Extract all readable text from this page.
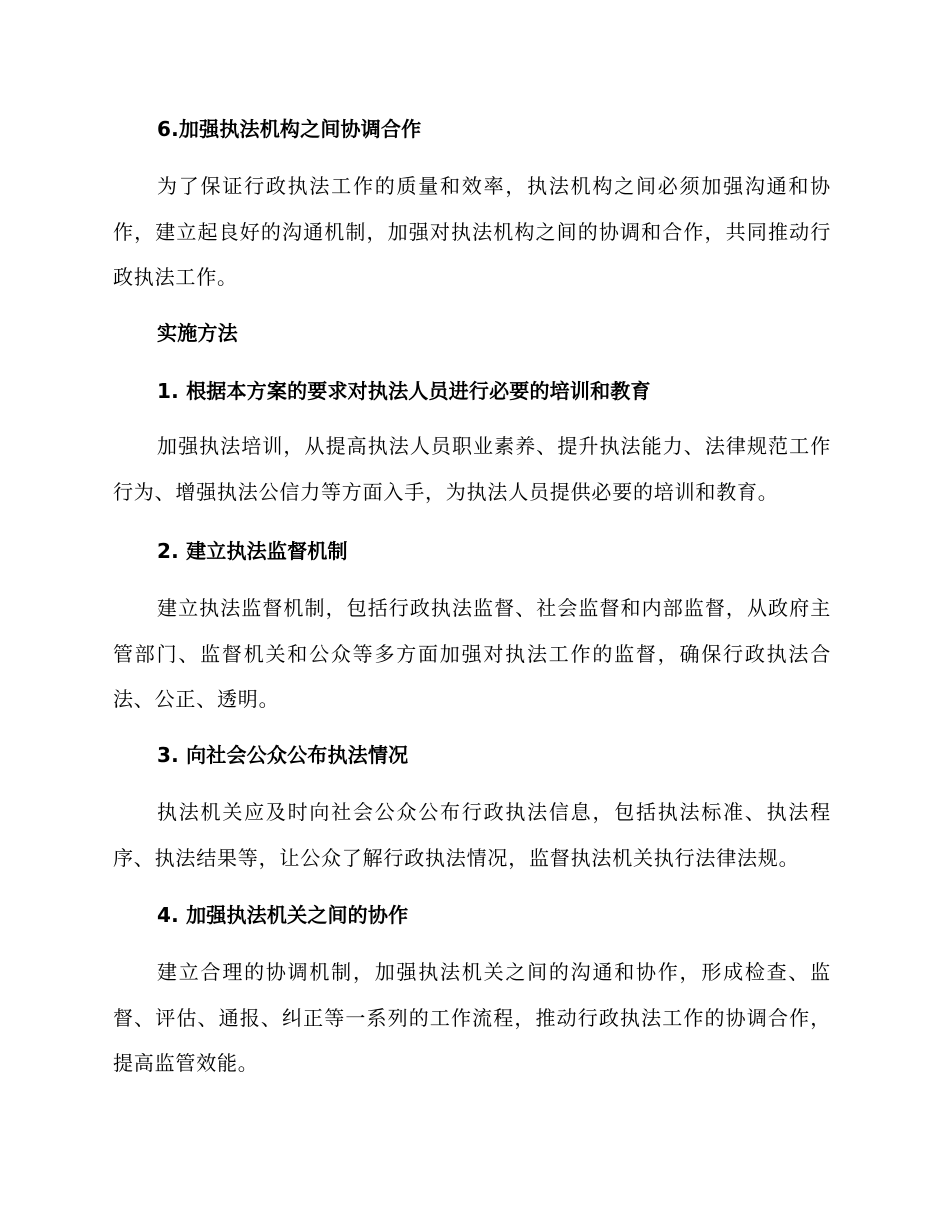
6.加强执法机构之间协调合作
为了保证行政执法工作的质量和效率，执法机构之间必须加强沟通和协作，建立起良好的沟通机制，加强对执法机构之间的协调和合作，共同推动行政执法工作。
实施方法
1. 根据本方案的要求对执法人员进行必要的培训和教育
加强执法培训，从提高执法人员职业素养、提升执法能力、法律规范工作行为、增强执法公信力等方面入手，为执法人员提供必要的培训和教育。
2. 建立执法监督机制
建立执法监督机制，包括行政执法监督、社会监督和内部监督，从政府主管部门、监督机关和公众等多方面加强对执法工作的监督，确保行政执法合法、公正、透明。
3. 向社会公众公布执法情况
执法机关应及时向社会公众公布行政执法信息，包括执法标准、执法程序、执法结果等，让公众了解行政执法情况，监督执法机关执行法律法规。
4. 加强执法机关之间的协作
建立合理的协调机制，加强执法机关之间的沟通和协作，形成检查、监督、评估、通报、纠正等一系列的工作流程，推动行政执法工作的协调合作，提高监管效能。
